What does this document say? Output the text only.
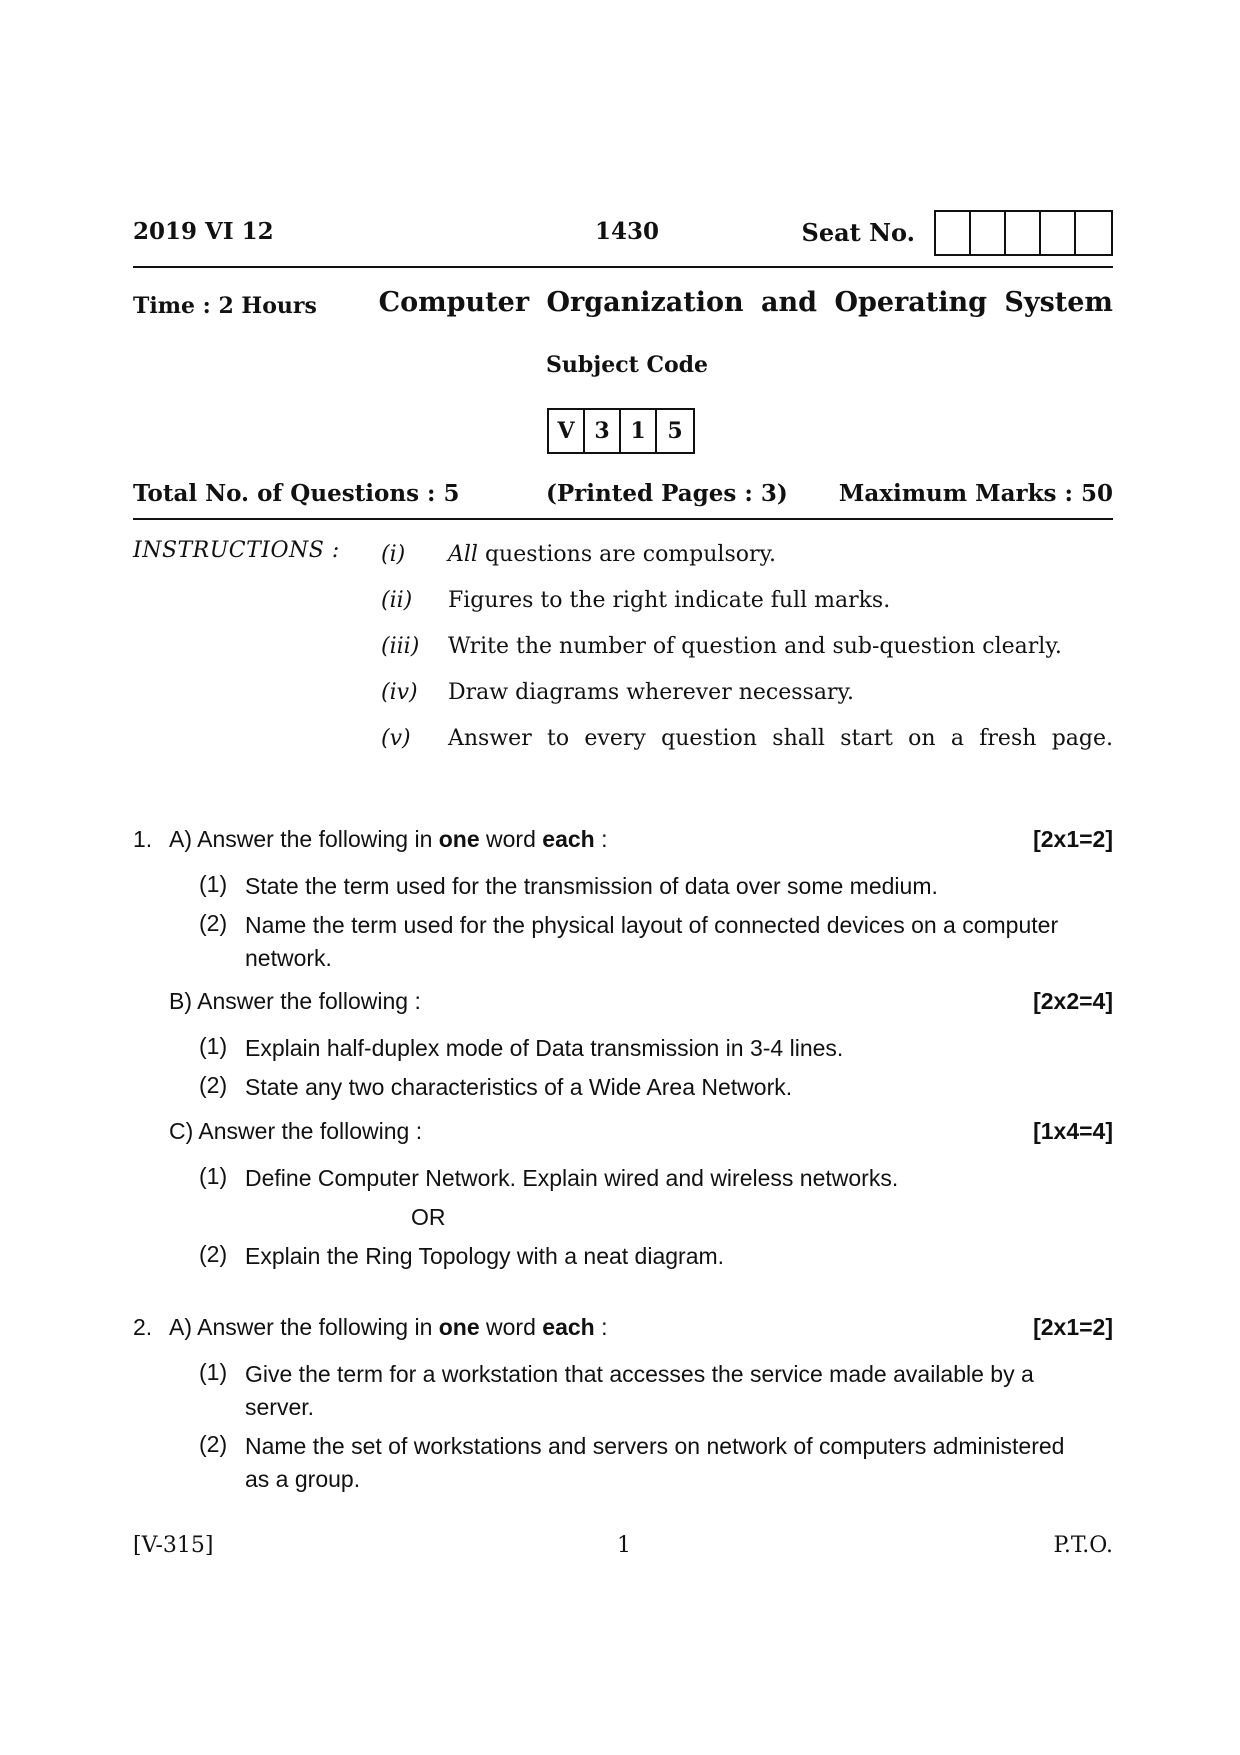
2019 VI 12	1430	Seat No.
Time : 2 Hours Computer Organization and Operating System
Subject Code
V 3 1 5
Total No. of Questions : 5	(Printed Pages : 3) Maximum Marks : 50
INSTRUCTIONS : (i) All questions are compulsory.
(ii) Figures to the right indicate full marks.
(iii) Write the number of question and sub-question clearly.
(iv) Draw diagrams wherever necessary.
(v) Answer to every question shall start on a fresh page.
1. A) Answer the following in one word each :	[2x1=2]
(1) State the term used for the transmission of data over some medium.
(2) Name the term used for the physical layout of connected devices on a computer network.
B) Answer the following :	[2x2=4]
(1) Explain half-duplex mode of Data transmission in 3-4 lines.
(2) State any two characteristics of a Wide Area Network.
C) Answer the following :	[1x4=4]
(1) Define Computer Network. Explain wired and wireless networks.
OR
(2) Explain the Ring Topology with a neat diagram.
2. A) Answer the following in one word each :	[2x1=2]
(1) Give the term for a workstation that accesses the service made available by a server.
(2) Name the set of workstations and servers on network of computers administered as a group.
[V-315]	1	P.T.O.
